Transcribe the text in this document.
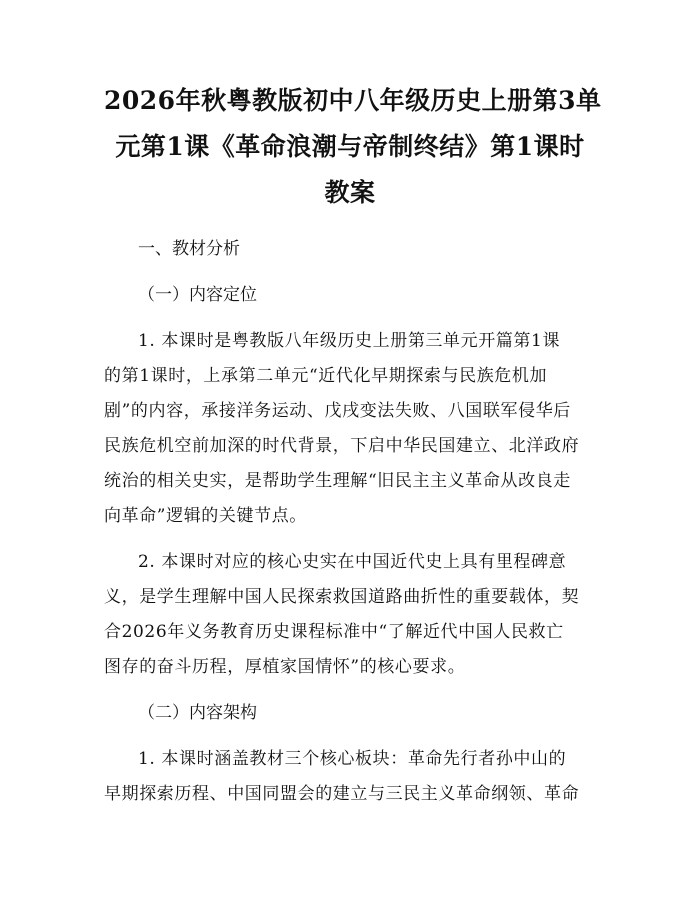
2026年秋粤教版初中八年级历史上册第3单
元第1课《革命浪潮与帝制终结》第1课时
教案

一、教材分析

（一）内容定位

1. 本课时是粤教版八年级历史上册第三单元开篇第1课
的第1课时，上承第二单元“近代化早期探索与民族危机加
剧”的内容，承接洋务运动、戊戌变法失败、八国联军侵华后
民族危机空前加深的时代背景，下启中华民国建立、北洋政府
统治的相关史实，是帮助学生理解“旧民主主义革命从改良走
向革命”逻辑的关键节点。

2. 本课时对应的核心史实在中国近代史上具有里程碑意
义，是学生理解中国人民探索救国道路曲折性的重要载体，契
合2026年义务教育历史课程标准中“了解近代中国人民救亡
图存的奋斗历程，厚植家国情怀”的核心要求。

（二）内容架构

1. 本课时涵盖教材三个核心板块：革命先行者孙中山的
早期探索历程、中国同盟会的建立与三民主义革命纲领、革命
